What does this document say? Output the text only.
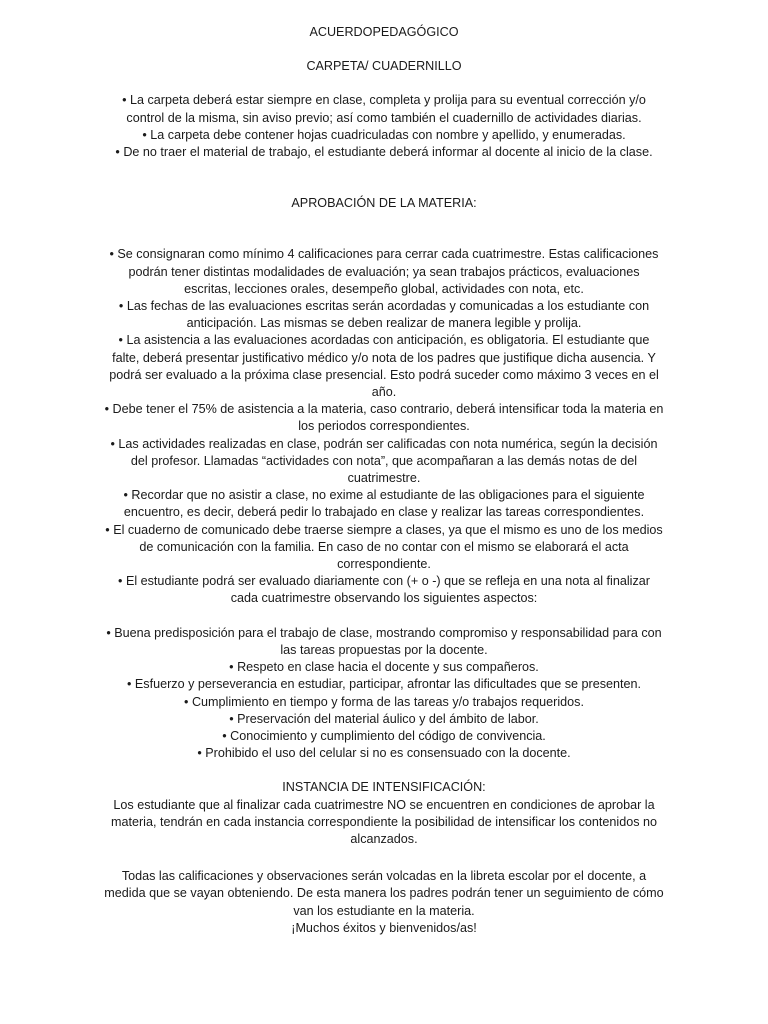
ACUERDOPEDAGÓGICO

CARPETA/ CUADERNILLO

• La carpeta deberá estar siempre en clase, completa y prolija para su eventual corrección y/o control de la misma, sin aviso previo; así como también el cuadernillo de actividades diarias.

• La carpeta debe contener hojas cuadriculadas con nombre y apellido, y enumeradas.

• De no traer el material de trabajo, el estudiante deberá informar al docente al inicio de la clase.

APROBACIÓN DE LA MATERIA:

• Se consignaran como mínimo 4 calificaciones para cerrar cada cuatrimestre. Estas calificaciones podrán tener distintas modalidades de evaluación; ya sean trabajos prácticos, evaluaciones escritas, lecciones orales, desempeño global, actividades con nota, etc.

• Las fechas de las evaluaciones escritas serán acordadas y comunicadas a los estudiante con anticipación. Las mismas se deben realizar de manera legible y prolija.

• La asistencia a las evaluaciones acordadas con anticipación, es obligatoria. El estudiante que falte, deberá presentar justificativo médico y/o nota de los padres que justifique dicha ausencia. Y podrá ser evaluado a la próxima clase presencial. Esto podrá suceder como máximo 3 veces en el año.

• Debe tener el 75% de asistencia a la materia, caso contrario, deberá intensificar toda la materia en los periodos correspondientes.

• Las actividades realizadas en clase, podrán ser calificadas con nota numérica, según la decisión del profesor. Llamadas “actividades con nota”, que acompañaran a las demás notas de del cuatrimestre.

• Recordar que no asistir a clase, no exime al estudiante de las obligaciones para el siguiente encuentro, es decir, deberá pedir lo trabajado en clase y realizar las tareas correspondientes.

• El cuaderno de comunicado debe traerse siempre a clases, ya que el mismo es uno de los medios de comunicación con la familia. En caso de no contar con el mismo se elaborará el acta correspondiente.

• El estudiante podrá ser evaluado diariamente con (+ o -) que se refleja en una nota al finalizar cada cuatrimestre observando los siguientes aspectos:

• Buena predisposición para el trabajo de clase, mostrando compromiso y responsabilidad para con las tareas propuestas por la docente.

• Respeto en clase hacia el docente y sus compañeros.

• Esfuerzo y perseverancia en estudiar, participar, afrontar las dificultades que se presenten.

• Cumplimiento en tiempo y forma de las tareas y/o trabajos requeridos.

• Preservación del material áulico y del ámbito de labor.

• Conocimiento y cumplimiento del código de convivencia.

• Prohibido el uso del celular si no es consensuado con la docente.

INSTANCIA DE INTENSIFICACIÓN:

Los estudiante que al finalizar cada cuatrimestre NO se encuentren en condiciones de aprobar la materia, tendrán en cada instancia correspondiente la posibilidad de intensificar los contenidos no alcanzados.

Todas las calificaciones y observaciones serán volcadas en la libreta escolar por el docente, a medida que se vayan obteniendo. De esta manera los padres podrán tener un seguimiento de cómo van los estudiante en la materia.

¡Muchos éxitos y bienvenidos/as!
